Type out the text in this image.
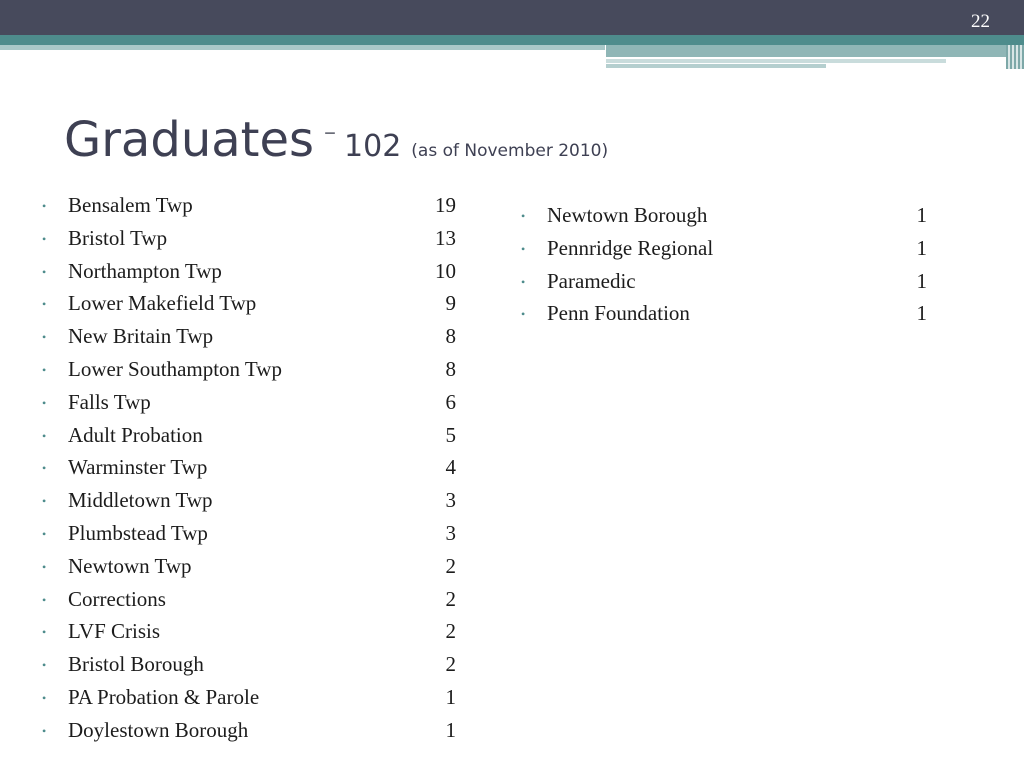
22
Graduates – 102 (as of November 2010)
• Bensalem Twp	19
• Bristol Twp	13
• Northampton Twp	10
• Lower Makefield Twp	9
• New Britain Twp	8
• Lower Southampton Twp	8
• Falls Twp	6
• Adult Probation	5
• Warminster Twp	4
• Middletown Twp	3
• Plumbstead Twp	3
• Newtown Twp	2
• Corrections	2
• LVF Crisis	2
• Bristol Borough	2
• PA Probation & Parole	1
• Doylestown Borough	1
• Newtown Borough	1
• Pennridge Regional	1
• Paramedic	1
• Penn Foundation	1
